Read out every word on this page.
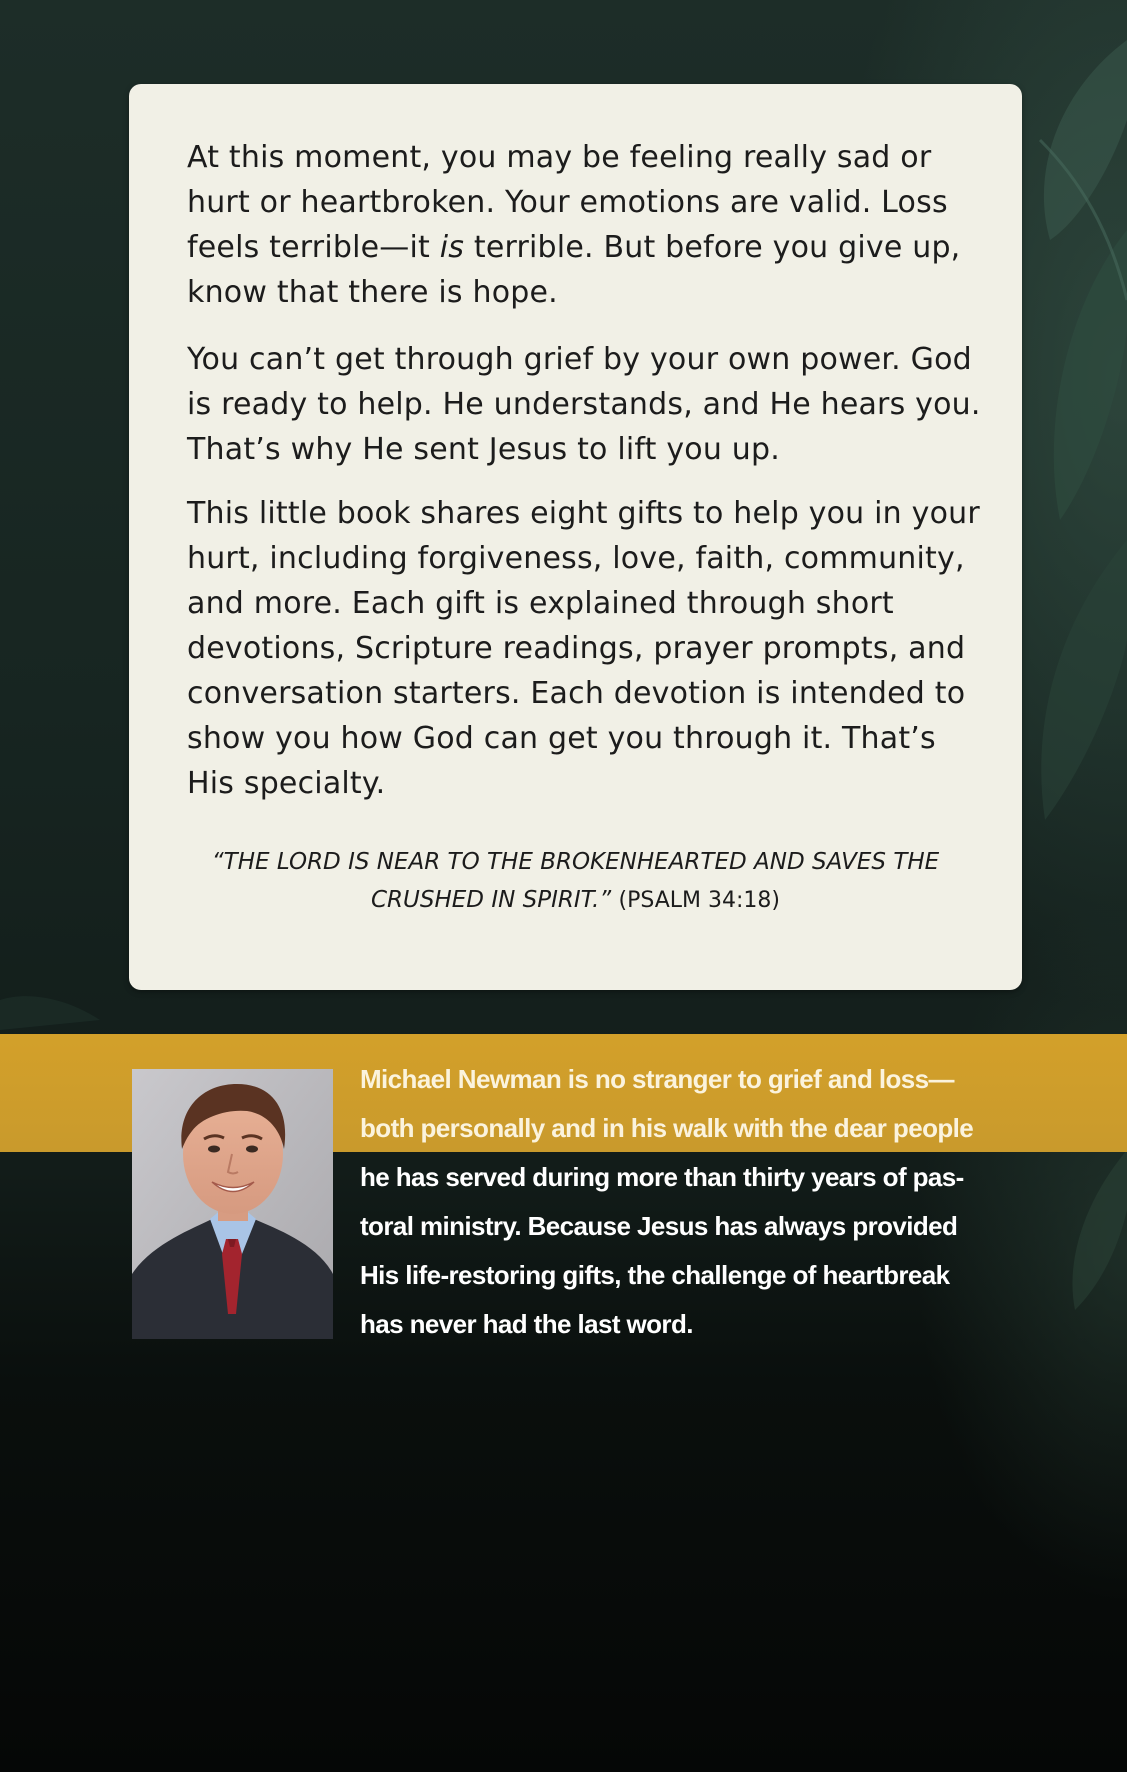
At this moment, you may be feeling really sad or hurt or heartbroken. Your emotions are valid. Loss feels terrible—it is terrible. But before you give up, know that there is hope.

You can’t get through grief by your own power. God is ready to help. He understands, and He hears you. That’s why He sent Jesus to lift you up.

This little book shares eight gifts to help you in your hurt, including forgiveness, love, faith, community, and more. Each gift is explained through short devotions, Scripture readings, prayer prompts, and conversation starters. Each devotion is intended to show you how God can get you through it. That’s His specialty.

“THE LORD IS NEAR TO THE BROKENHEARTED AND SAVES THE CRUSHED IN SPIRIT.” (PSALM 34:18)

Michael Newman is no stranger to grief and loss—
both personally and in his walk with the dear people
he has served during more than thirty years of pas-
toral ministry. Because Jesus has always provided
His life-restoring gifts, the challenge of heartbreak
has never had the last word.
